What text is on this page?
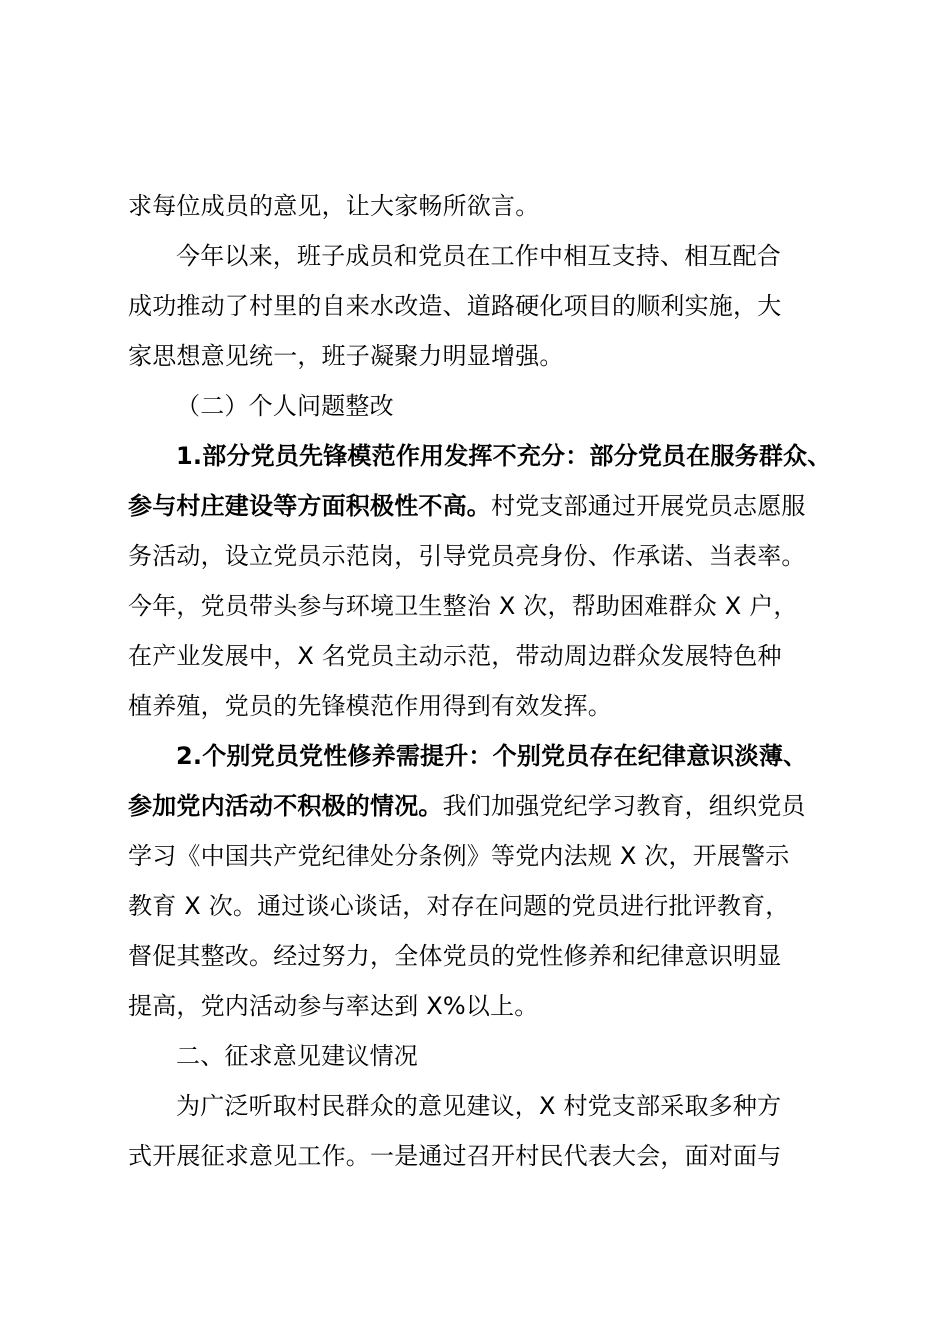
求每位成员的意见，让大家畅所欲言。
今年以来，班子成员和党员在工作中相互支持、相互配合
成功推动了村里的自来水改造、道路硬化项目的顺利实施，大
家思想意见统一，班子凝聚力明显增强。
（二）个人问题整改
1.部分党员先锋模范作用发挥不充分：部分党员在服务群众、
参与村庄建设等方面积极性不高。村党支部通过开展党员志愿服
务活动，设立党员示范岗，引导党员亮身份、作承诺、当表率。
今年，党员带头参与环境卫生整治 X 次，帮助困难群众 X 户，
在产业发展中，X 名党员主动示范，带动周边群众发展特色种
植养殖，党员的先锋模范作用得到有效发挥。
2.个别党员党性修养需提升：个别党员存在纪律意识淡薄、
参加党内活动不积极的情况。我们加强党纪学习教育，组织党员
学习《中国共产党纪律处分条例》等党内法规 X 次，开展警示
教育 X 次。通过谈心谈话，对存在问题的党员进行批评教育，
督促其整改。经过努力，全体党员的党性修养和纪律意识明显
提高，党内活动参与率达到 X%以上。
二、征求意见建议情况
为广泛听取村民群众的意见建议，X 村党支部采取多种方
式开展征求意见工作。一是通过召开村民代表大会，面对面与
